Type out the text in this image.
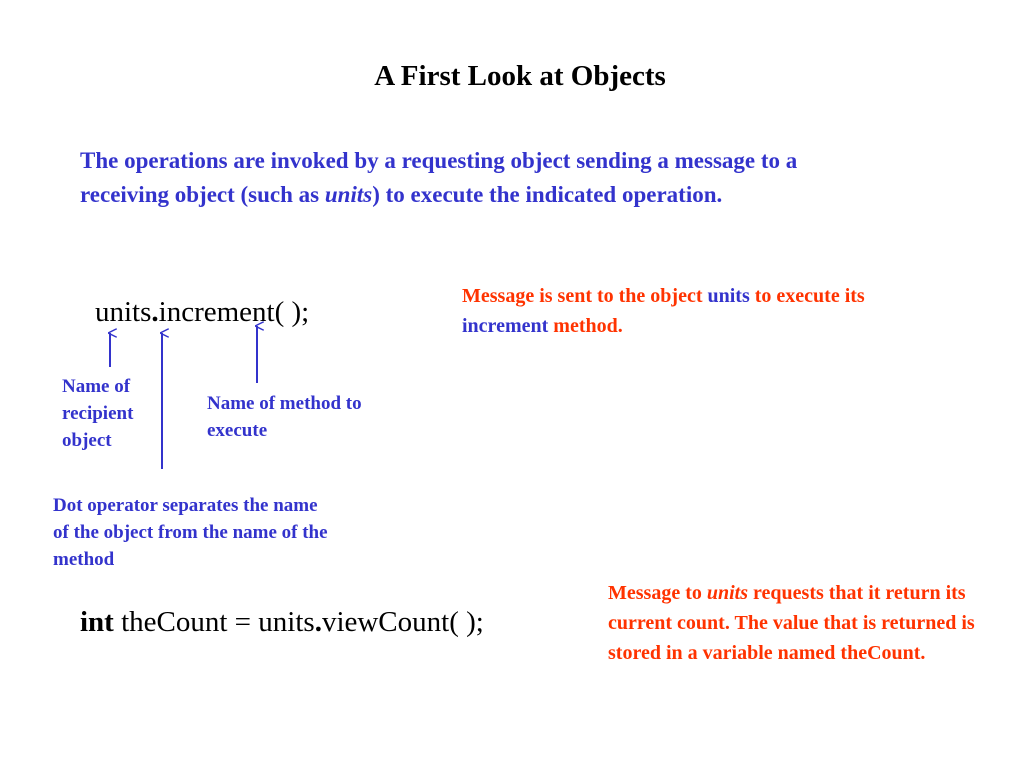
A First Look at Objects
The operations are invoked by a requesting object sending a message to a receiving object (such as units) to execute the indicated operation.
units.increment( );	Message is sent to the object units to execute its increment method.
Name of recipient object
Name of method to execute
Dot operator separates the name of the object from the name of the method
int theCount = units.viewCount( );
Message to units requests that it return its current count. The value that is returned is stored in a variable named theCount.
